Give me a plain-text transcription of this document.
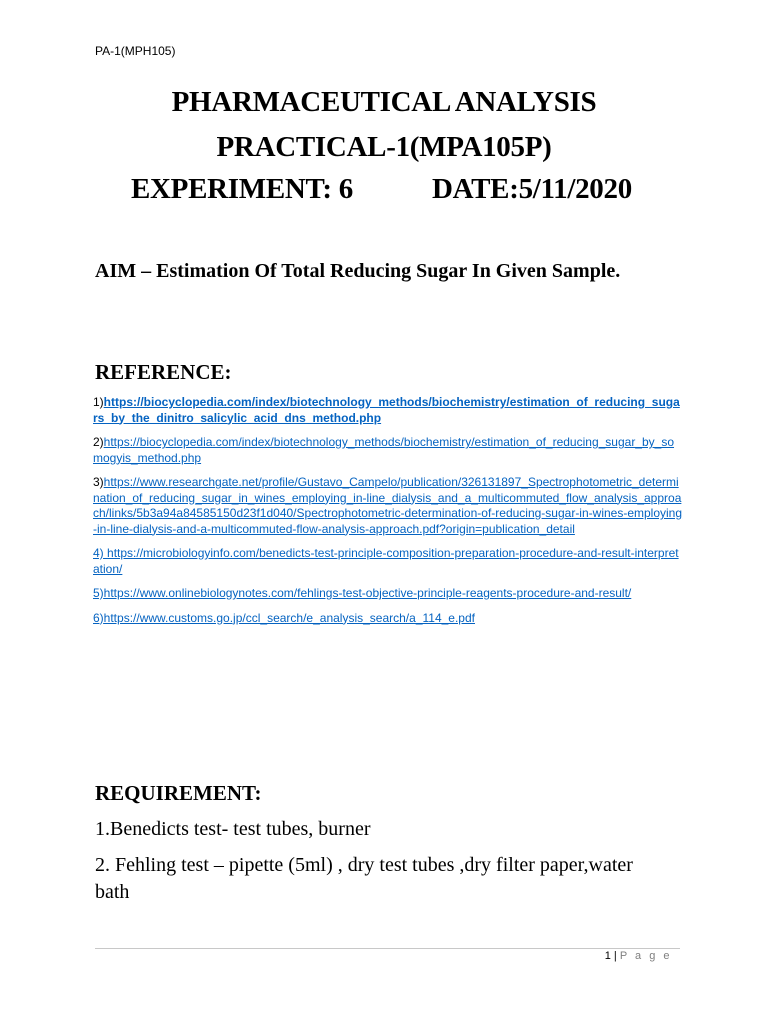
PA-1(MPH105)
PHARMACEUTICAL ANALYSIS
PRACTICAL-1(MPA105P)
EXPERIMENT: 6	DATE:5/11/2020
AIM – Estimation Of Total Reducing Sugar In Given Sample.
REFERENCE:

1)https://biocyclopedia.com/index/biotechnology_methods/biochemistry/estimation_of_reducing_sugars_by_the_dinitro_salicylic_acid_dns_method.php

2)https://biocyclopedia.com/index/biotechnology_methods/biochemistry/estimation_of_reducing_sugar_by_somogyis_method.php

3)https://www.researchgate.net/profile/Gustavo_Campelo/publication/326131897_Spectrophotometric_determination_of_reducing_sugar_in_wines_employing_in-line_dialysis_and_a_multicommuted_flow_analysis_approach/links/5b3a94a84585150d23f1d040/Spectrophotometric-determination-of-reducing-sugar-in-wines-employing-in-line-dialysis-and-a-multicommuted-flow-analysis-approach.pdf?origin=publication_detail

4) https://microbiologyinfo.com/benedicts-test-principle-composition-preparation-procedure-and-result-interpretation/

5)https://www.onlinebiologynotes.com/fehlings-test-objective-principle-reagents-procedure-and-result/

6)https://www.customs.go.jp/ccl_search/e_analysis_search/a_114_e.pdf

REQUIREMENT:

1.Benedicts test- test tubes, burner

2. Fehling test – pipette (5ml) , dry test tubes ,dry filter paper,water bath

1 | P a g e
